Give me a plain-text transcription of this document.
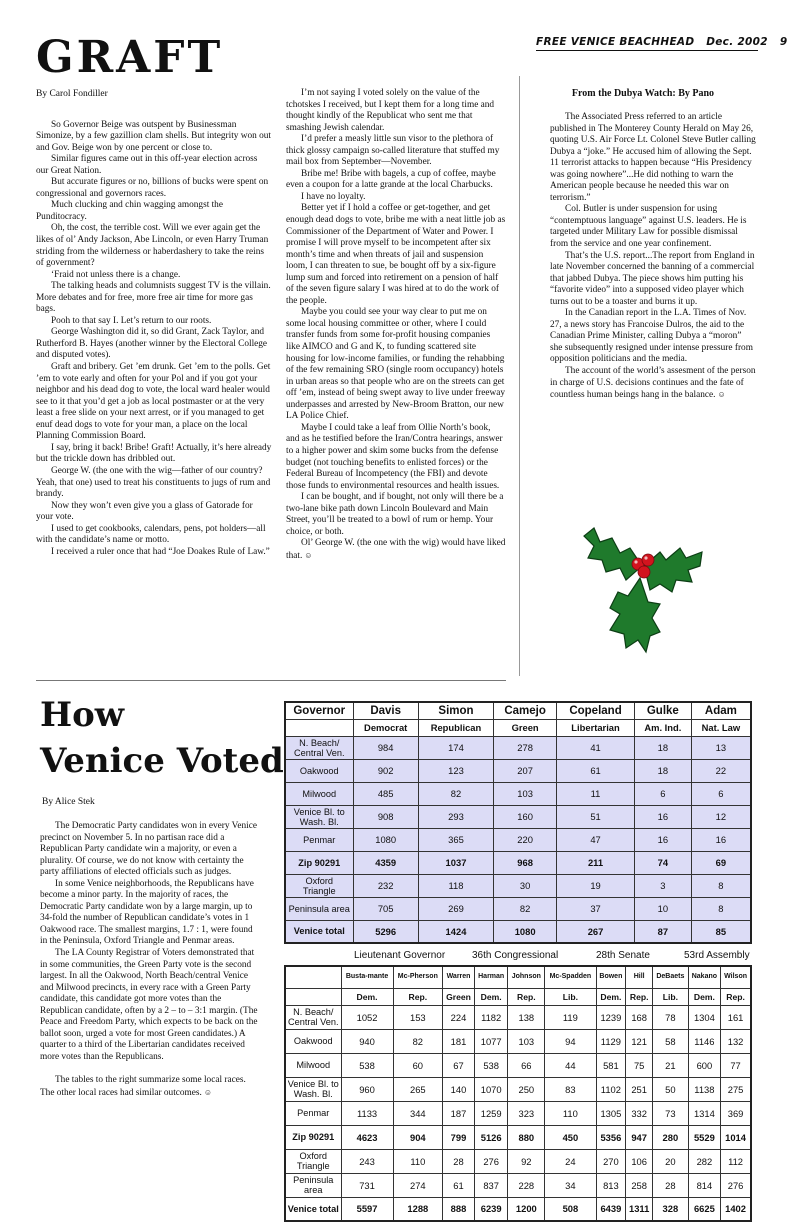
FREE VENICE BEACHHEAD Dec. 2002 9
GRAFT
By Carol Fondiller

So Governor Beige was outspent by Businessman Simonize, by a few gazillion clam shells. But integrity won out and Gov. Beige won by one percent or close to.

Similar figures came out in this off-year election across our Great Nation.

But accurate figures or no, billions of bucks were spent on congressional and governors races.

Much clucking and chin wagging amongst the Punditocracy.

Oh, the cost, the terrible cost. Will we ever again get the likes of ol’ Andy Jackson, Abe Lincoln, or even Harry Truman striding from the wilderness or haberdashery to take the reins of government?

‘Fraid not unless there is a change.

The talking heads and columnists suggest TV is the villain. More debates and for free, more free air time for more gas bags.

Pooh to that say I. Let’s return to our roots.

George Washington did it, so did Grant, Zack Taylor, and Rutherford B. Hayes (another winner by the Electoral College and disputed votes).

Graft and bribery. Get ’em drunk. Get ’em to the polls. Get ’em to vote early and often for your Pol and if you got your neighbor and his dead dog to vote, the local ward healer would see to it that you’d get a job as local postmaster or at the very least a free slide on your next arrest, or if you managed to get enuf dead dogs to vote for your man, a place on the local Planning Commission Board.

I say, bring it back! Bribe! Graft! Actually, it’s here already but the trickle down has dribbled out.

George W. (the one with the wig—father of our country? Yeah, that one) used to treat his constituents to jugs of rum and brandy.

Now they won’t even give you a glass of Gatorade for your vote.

I used to get cookbooks, calendars, pens, pot holders—all with the candidate’s name or motto.

I received a ruler once that had “Joe Doakes Rule of Law.”

I’m not saying I voted solely on the value of the tchotskes I received, but I kept them for a long time and thought kindly of the Republicat who sent me that smashing Jewish calendar.

I’d prefer a measly little sun visor to the plethora of thick glossy campaign so-called literature that stuffed my mail box from September—November.

Bribe me! Bribe with bagels, a cup of coffee, maybe even a coupon for a latte grande at the local Charbucks.

I have no loyalty.

Better yet if I hold a coffee or get-together, and get enough dead dogs to vote, bribe me with a neat little job as Commissioner of the Department of Water and Power. I promise I will prove myself to be incompetent after six month’s time and when threats of jail and suspension loom, I can threaten to sue, be bought off by a six-figure lump sum and forced into retirement on a pension of half of the seven figure salary I was hired at to do the work of the people.

Maybe you could see your way clear to put me on some local housing committee or other, where I could transfer funds from some for-profit housing companies like AIMCO and G and K, to funding scattered site housing for low-income families, or funding the rehabbing of the few remaining SRO (single room occupancy) hotels in urban areas so that people who are on the streets can get off ’em, instead of being swept away to live under freeway underpasses and arrested by New-Broom Bratton, our new LA Police Chief.

Maybe I could take a leaf from Ollie North’s book, and as he testified before the Iran/Contra hearings, answer to a higher power and skim some bucks from the defense budget (not touching benefits to enlisted forces) or the Federal Bureau of Incompetency (the FBI) and devote those funds to environmental resources and health issues.

I can be bought, and if bought, not only will there be a two-lane bike path down Lincoln Boulevard and Main Street, you’ll be treated to a bowl of rum or hemp. Your choice, or both.

Ol’ George W. (the one with the wig) would have liked that. ☺

From the Dubya Watch: By Pano

The Associated Press referred to an article published in The Monterey County Herald on May 26, quoting U.S. Air Force Lt. Colonel Steve Butler calling Dubya a “joke.” He accused him of allowing the Sept. 11 terrorist attacks to happen because “His Presidency was going nowhere”...He did nothing to warn the American people because he needed this war on terrorism.”

Col. Butler is under suspension for using “contemptuous language” against U.S. leaders. He is targeted under Military Law for possible dismissal from the service and one year confinement.

That’s the U.S. report...The report from England in late November concerned the banning of a commercial that jabbed Dubya. The piece shows him putting his “favorite video” into a supposed video player which turns out to be a toaster and burns it up.

In the Canadian report in the L.A. Times of Nov. 27, a news story has Francoise Dulros, the aid to the Canadian Prime Minister, calling Dubya a “moron” she subsequently resigned under intense pressure from opposition politicians and the media.

The account of the world’s assesment of the person in charge of U.S. decisions continues and the fate of countless human beings hang in the balance. ☺

How
Venice Voted
By Alice Stek

The Democratic Party candidates won in every Venice precinct on November 5. In no partisan race did a Republican Party candidate win a majority, or even a plurality. Of course, we do not know with certainty the party affiliations of elected officials such as judges.

In some Venice neighborhoods, the Republicans have become a minor party. In the majority of races, the Democratic Party candidate won by a large margin, up to 34-fold the number of Republican candidate’s votes in 1 Oakwood race. The smallest margins, 1.7 : 1, were found in the Peninsula, Oxford Triangle and Penmar areas.

The LA County Registrar of Voters demonstrated that in some communities, the Green Party vote is the second largest. In all the Oakwood, North Beach/central Venice and Milwood precincts, in every race with a Green Party candidate, this candidate got more votes than the Republican candidate, often by a 2 – to – 3:1 margin. (The Peace and Freedom Party, which expects to be back on the ballot soon, urged a vote for most Green candidates.) A quarter to a third of the Libertarian candidates received more votes than the Republicans.

The tables to the right summarize some local races. The other local races had similar outcomes. ☺

Governor	Davis	Simon	Camejo	Copeland	Gulke	Adam
	Democrat	Republican	Green	Libertarian	Am. Ind.	Nat. Law
N. Beach/ Central Ven.	984	174	278	41	18	13
Oakwood	902	123	207	61	18	22
Milwood	485	82	103	11	6	6
Venice Bl. to Wash. Bl.	908	293	160	51	16	12
Penmar	1080	365	220	47	16	16
Zip 90291	4359	1037	968	211	74	69
Oxford Triangle	232	118	30	19	3	8
Peninsula area	705	269	82	37	10	8
Venice total	5296	1424	1080	267	87	85
Lieutenant Governor	36th Congressional	28th Senate	53rd Assembly
	Busta-mante	Mc-Pherson	Warren	Harman	Johnson	Mc-Spadden	Bowen	Hill	DeBaets	Nakano	Wilson
	Dem.	Rep.	Green	Dem.	Rep.	Lib.	Dem.	Rep.	Lib.	Dem.	Rep.
N. Beach/ Central Ven.	1052	153	224	1182	138	119	1239	168	78	1304	161
Oakwood	940	82	181	1077	103	94	1129	121	58	1146	132
Milwood	538	60	67	538	66	44	581	75	21	600	77
Venice Bl. to Wash. Bl.	960	265	140	1070	250	83	1102	251	50	1138	275
Penmar	1133	344	187	1259	323	110	1305	332	73	1314	369
Zip 90291	4623	904	799	5126	880	450	5356	947	280	5529	1014
Oxford Triangle	243	110	28	276	92	24	270	106	20	282	112
Peninsula area	731	274	61	837	228	34	813	258	28	814	276
Venice total	5597	1288	888	6239	1200	508	6439	1311	328	6625	1402
